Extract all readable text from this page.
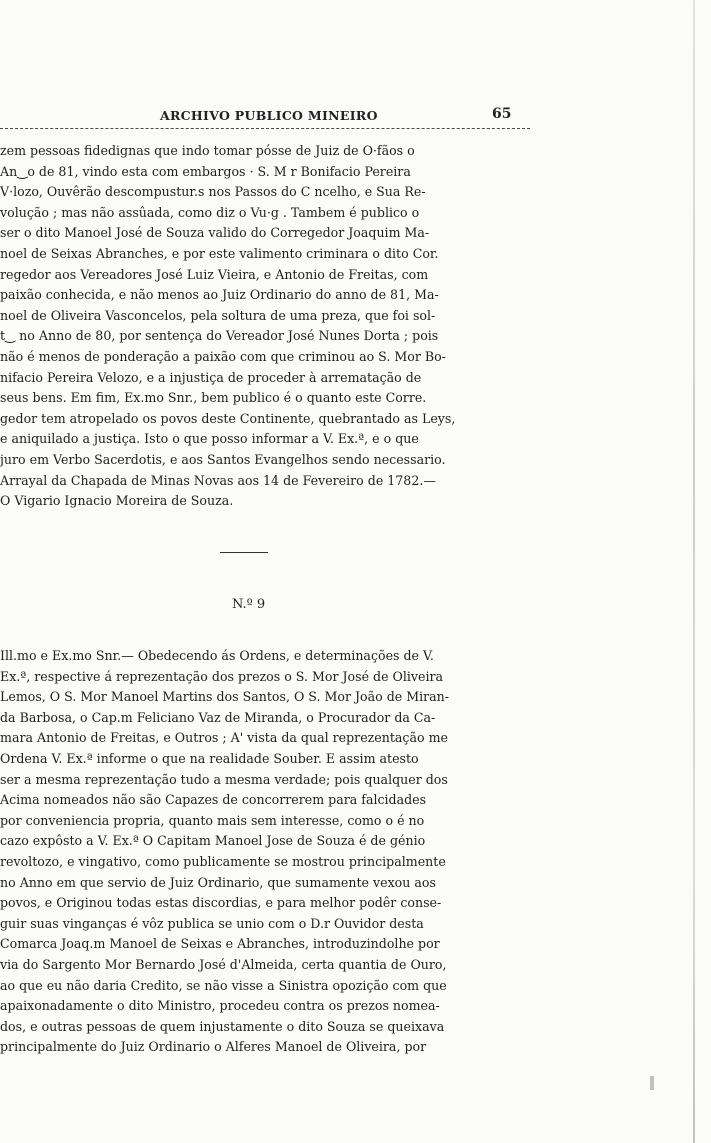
ARCHIVO PUBLICO MINEIRO	65
zem pessoas fidedignas que indo tomar pósse de Juiz de O·fãos o
An‿o de 81, vindo esta com embargos · S. M r Bonifacio Pereira
V·lozo, Ouvêrão descompustur.s nos Passos do C ncelho, e Sua Re-
volução ; mas não assûada, como diz o Vu·g . Tambem é publico o
ser o dito Manoel José de Souza valido do Corregedor Joaquim Ma-
noel de Seixas Abranches, e por este valimento criminara o dito Cor.
regedor aos Vereadores José Luiz Vieira, e Antonio de Freitas, com
paixão conhecida, e não menos ao Juiz Ordinario do anno de 81, Ma-
noel de Oliveira Vasconcelos, pela soltura de uma preza, que foi sol-
t‿ no Anno de 80, por sentença do Vereador José Nunes Dorta ; pois
não é menos de ponderação a paixão com que criminou ao S. Mor Bo-
nifacio Pereira Velozo, e a injustiça de proceder à arrematação de
seus bens. Em fim, Ex.mo Snr., bem publico é o quanto este Corre.
gedor tem atropelado os povos deste Continente, quebrantado as Leys,
e aniquilado a justiça. Isto o que posso informar a V. Ex.ª, e o que
juro em Verbo Sacerdotis, e aos Santos Evangelhos sendo necessario.
Arrayal da Chapada de Minas Novas aos 14 de Fevereiro de 1782.—
O Vigario Ignacio Moreira de Souza.
N.º 9
Ill.mo e Ex.mo Snr.— Obedecendo ás Ordens, e determinações de V.
Ex.ª, respective á reprezentação dos prezos o S. Mor José de Oliveira
Lemos, O S. Mor Manoel Martins dos Santos, O S. Mor João de Miran-
da Barbosa, o Cap.m Feliciano Vaz de Miranda, o Procurador da Ca-
mara Antonio de Freitas, e Outros ; A' vista da qual reprezentação me
Ordena V. Ex.ª informe o que na realidade Souber. E assim atesto
ser a mesma reprezentação tudo a mesma verdade; pois qualquer dos
Acima nomeados não são Capazes de concorrerem para falcidades
por conveniencia propria, quanto mais sem interesse, como o é no
cazo expôsto a V. Ex.ª O Capitam Manoel Jose de Souza é de génio
revoltozo, e vingativo, como publicamente se mostrou principalmente
no Anno em que servio de Juiz Ordinario, que sumamente vexou aos
povos, e Originou todas estas discordias, e para melhor podêr conse-
guir suas vinganças é vôz publica se unio com o D.r Ouvidor desta
Comarca Joaq.m Manoel de Seixas e Abranches, introduzindolhe por
via do Sargento Mor Bernardo José d'Almeida, certa quantia de Ouro,
ao que eu não daria Credito, se não visse a Sinistra opozição com que
apaixonadamente o dito Ministro, procedeu contra os prezos nomea-
dos, e outras pessoas de quem injustamente o dito Souza se queixava
principalmente do Juiz Ordinario o Alferes Manoel de Oliveira, por
